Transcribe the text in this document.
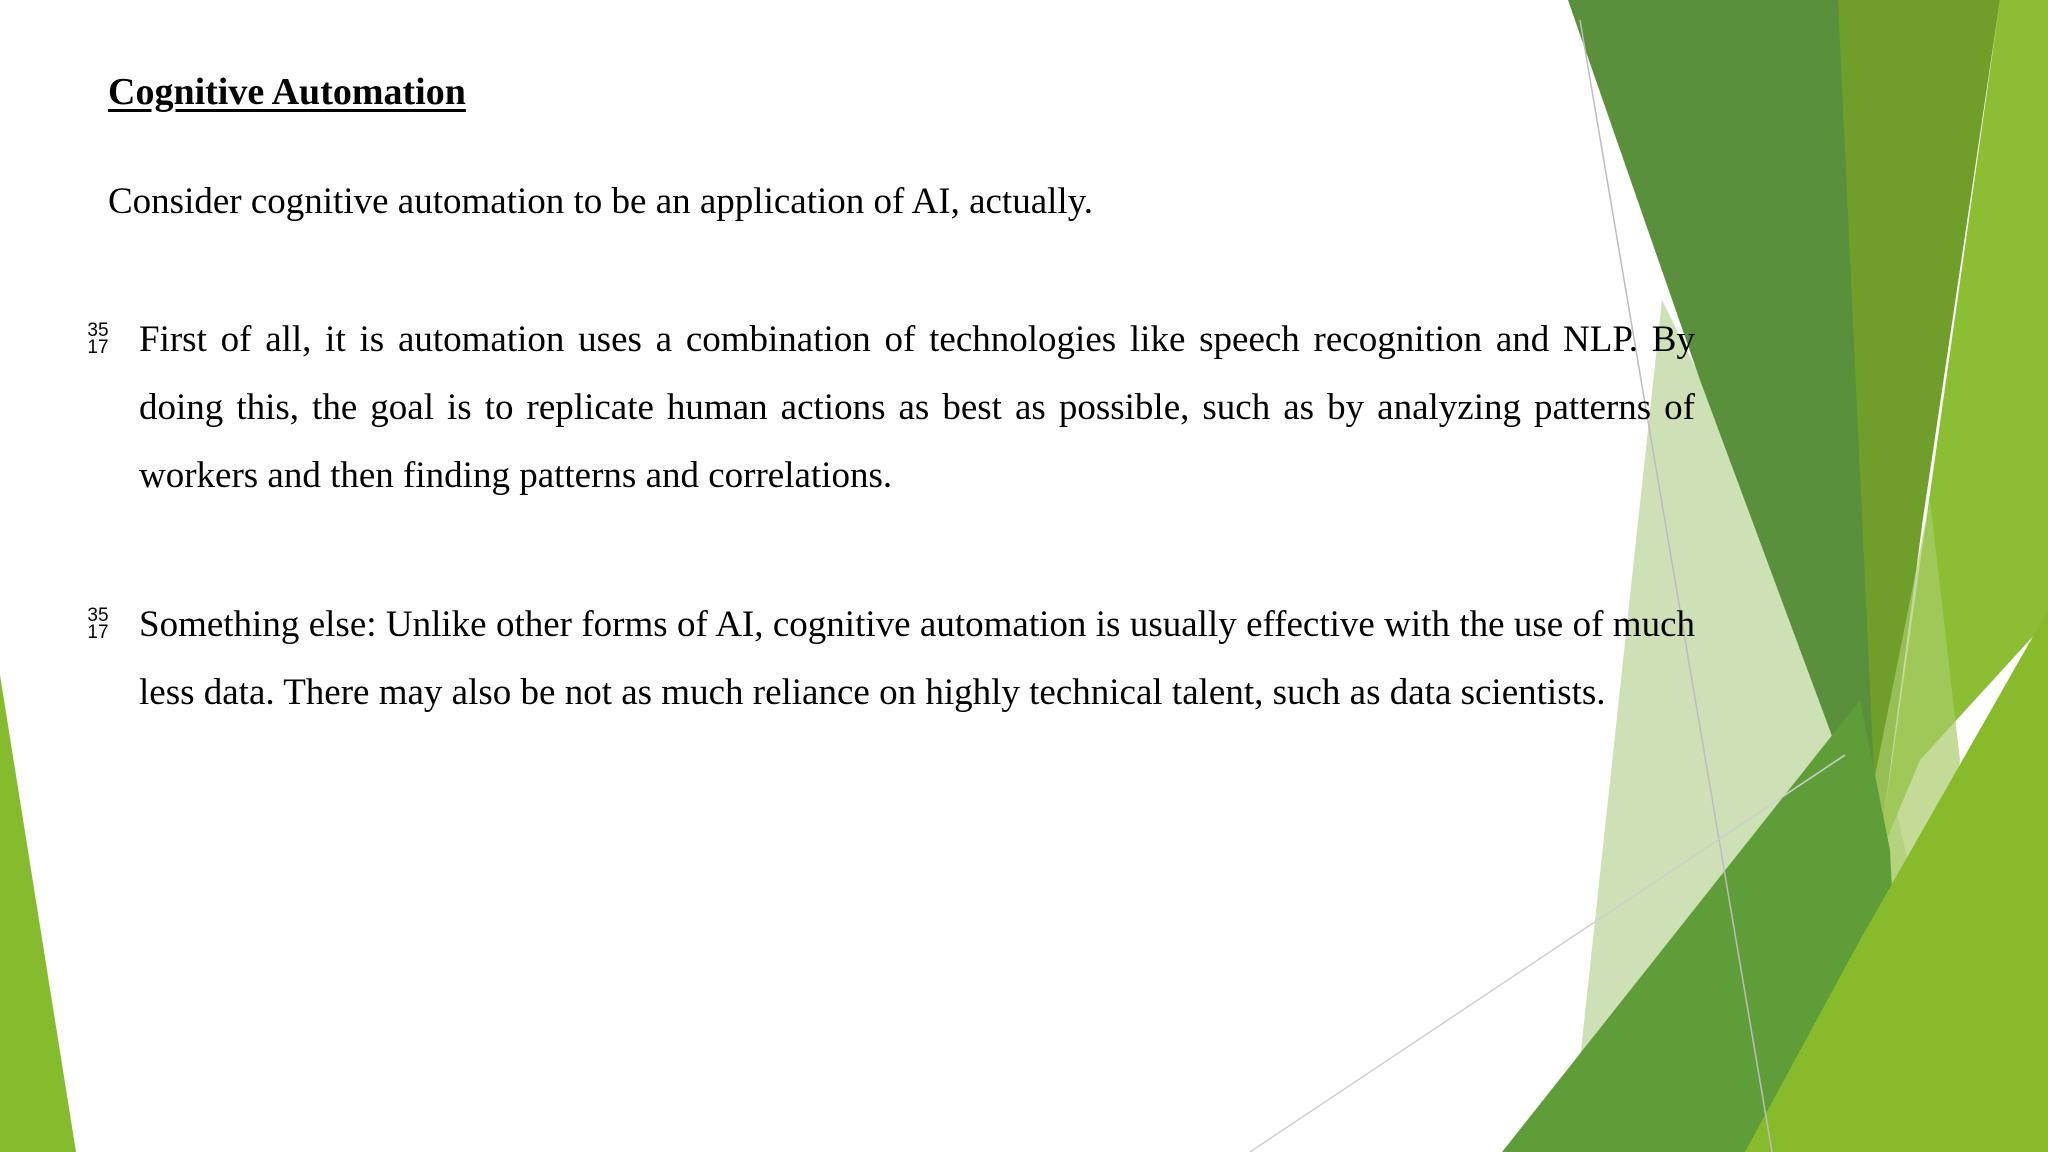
Cognitive Automation
Consider cognitive automation to be an application of AI, actually.
35
17 First of all, it is automation uses a combination of technologies like speech recognition and NLP. By doing this, the goal is to replicate human actions as best as possible, such as by analyzing patterns of workers and then finding patterns and correlations.
35
17 Something else: Unlike other forms of AI, cognitive automation is usually effective with the use of much less data. There may also be not as much reliance on highly technical talent, such as data scientists.
